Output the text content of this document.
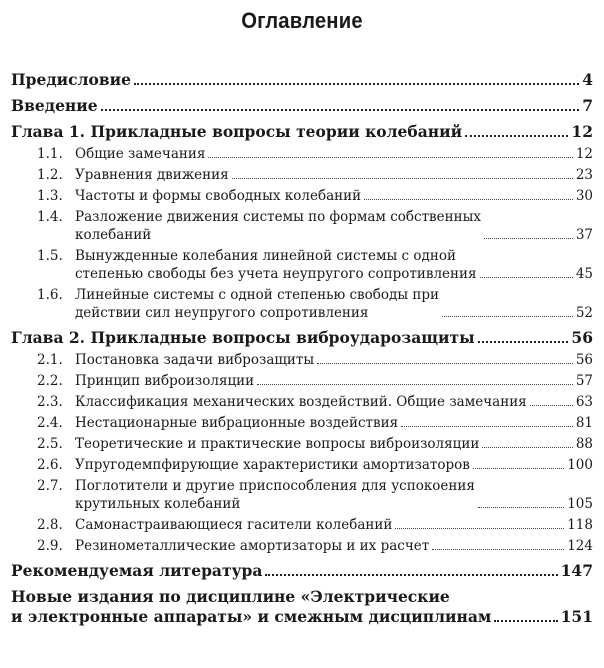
Оглавление
Предисловие	4
Введение	7
Глава 1. Прикладные вопросы теории колебаний	12
1.1. Общие замечания	12
1.2. Уравнения движения	23
1.3. Частоты и формы свободных колебаний	30
1.4. Разложение движения системы по формам собственных
колебаний	37
1.5. Вынужденные колебания линейной системы с одной
степенью свободы без учета неупругого сопротивления	45
1.6. Линейные системы с одной степенью свободы при
действии сил неупругого сопротивления	52
Глава 2. Прикладные вопросы виброударозащиты	56
2.1. Постановка задачи виброзащиты	56
2.2. Принцип виброизоляции	57
2.3. Классификация механических воздействий. Общие замечания	63
2.4. Нестационарные вибрационные воздействия	81
2.5. Теоретические и практические вопросы виброизоляции	88
2.6. Упругодемпфирующие характеристики амортизаторов	100
2.7. Поглотители и другие приспособления для успокоения
крутильных колебаний	105
2.8. Самонастраивающиеся гасители колебаний	118
2.9. Резинометаллические амортизаторы и их расчет	124
Рекомендуемая литература	147
Новые издания по дисциплине «Электрические
и электронные аппараты» и смежным дисциплинам	151
